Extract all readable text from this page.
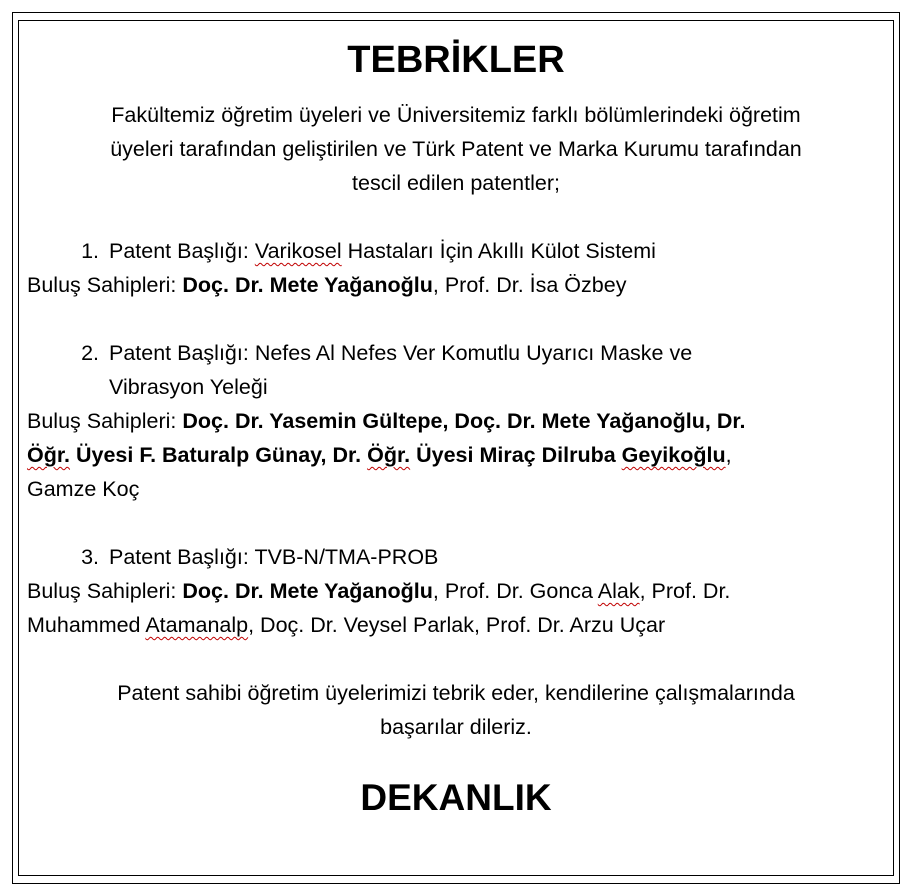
TEBRİKLER
Fakültemiz öğretim üyeleri ve Üniversitemiz farklı bölümlerindeki öğretim
üyeleri tarafından geliştirilen ve Türk Patent ve Marka Kurumu tarafından
tescil edilen patentler;
1. Patent Başlığı: Varikosel Hastaları İçin Akıllı Külot Sistemi
Buluş Sahipleri: Doç. Dr. Mete Yağanoğlu, Prof. Dr. İsa Özbey
2. Patent Başlığı: Nefes Al Nefes Ver Komutlu Uyarıcı Maske ve
Vibrasyon Yeleği
Buluş Sahipleri: Doç. Dr. Yasemin Gültepe, Doç. Dr. Mete Yağanoğlu, Dr.
Öğr. Üyesi F. Baturalp Günay, Dr. Öğr. Üyesi Miraç Dilruba Geyikoğlu,
Gamze Koç
3. Patent Başlığı: TVB-N/TMA-PROB
Buluş Sahipleri: Doç. Dr. Mete Yağanoğlu, Prof. Dr. Gonca Alak, Prof. Dr.
Muhammed Atamanalp, Doç. Dr. Veysel Parlak, Prof. Dr. Arzu Uçar
Patent sahibi öğretim üyelerimizi tebrik eder, kendilerine çalışmalarında
başarılar dileriz.
DEKANLIK
